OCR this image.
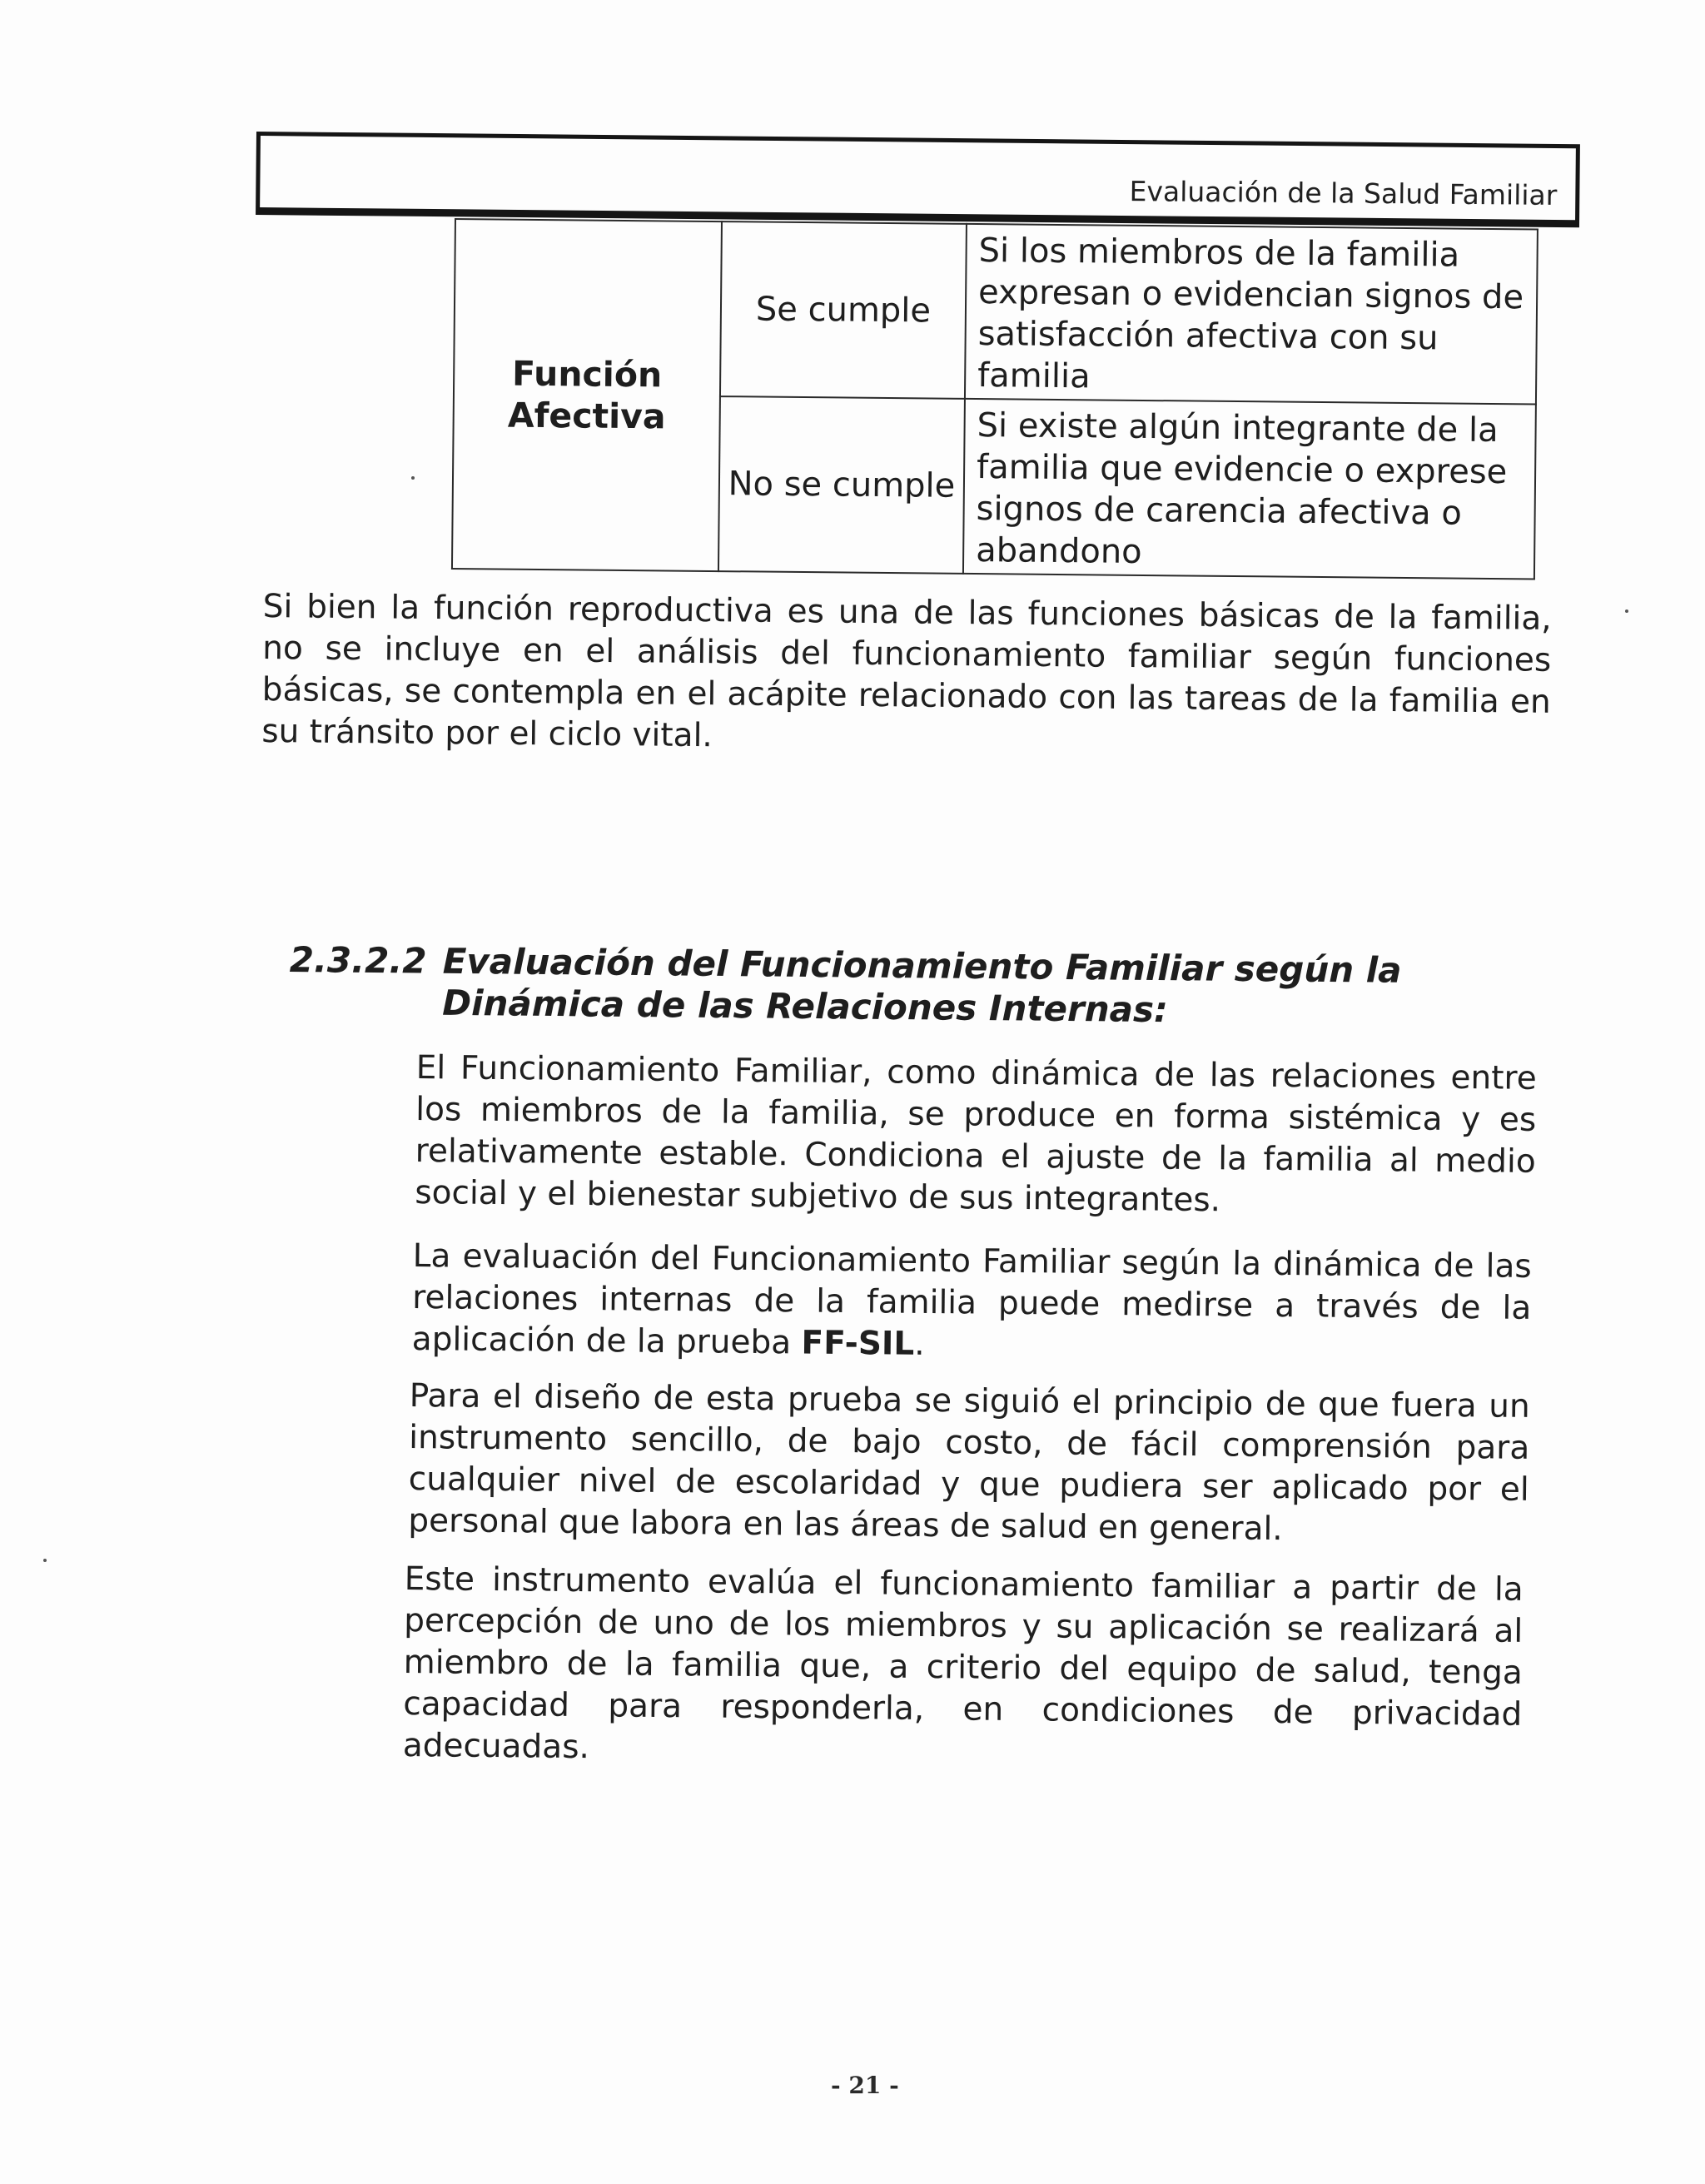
Evaluación de la Salud Familiar
Función
Afectiva	Se cumple	Si los miembros de la familia expresan o evidencian signos de satisfacción afectiva con su familia
	No se cumple	Si existe algún integrante de la familia que evidencie o exprese signos de carencia afectiva o abandono

Si bien la función reproductiva es una de las funciones básicas de la familia, no se incluye en el análisis del funcionamiento familiar según funciones básicas, se contempla en el acápite relacionado con las tareas de la familia en su tránsito por el ciclo vital.

2.3.2.2 Evaluación del Funcionamiento Familiar según la Dinámica de las Relaciones Internas:

El Funcionamiento Familiar, como dinámica de las relaciones entre los miembros de la familia, se produce en forma sistémica y es relativamente estable. Condiciona el ajuste de la familia al medio social y el bienestar subjetivo de sus integrantes.

La evaluación del Funcionamiento Familiar según la dinámica de las relaciones internas de la familia puede medirse a través de la aplicación de la prueba FF-SIL.

Para el diseño de esta prueba se siguió el principio de que fuera un instrumento sencillo, de bajo costo, de fácil comprensión para cualquier nivel de escolaridad y que pudiera ser aplicado por el personal que labora en las áreas de salud en general.

Este instrumento evalúa el funcionamiento familiar a partir de la percepción de uno de los miembros y su aplicación se realizará al miembro de la familia que, a criterio del equipo de salud, tenga capacidad para responderla, en condiciones de privacidad adecuadas.

- 21 -
